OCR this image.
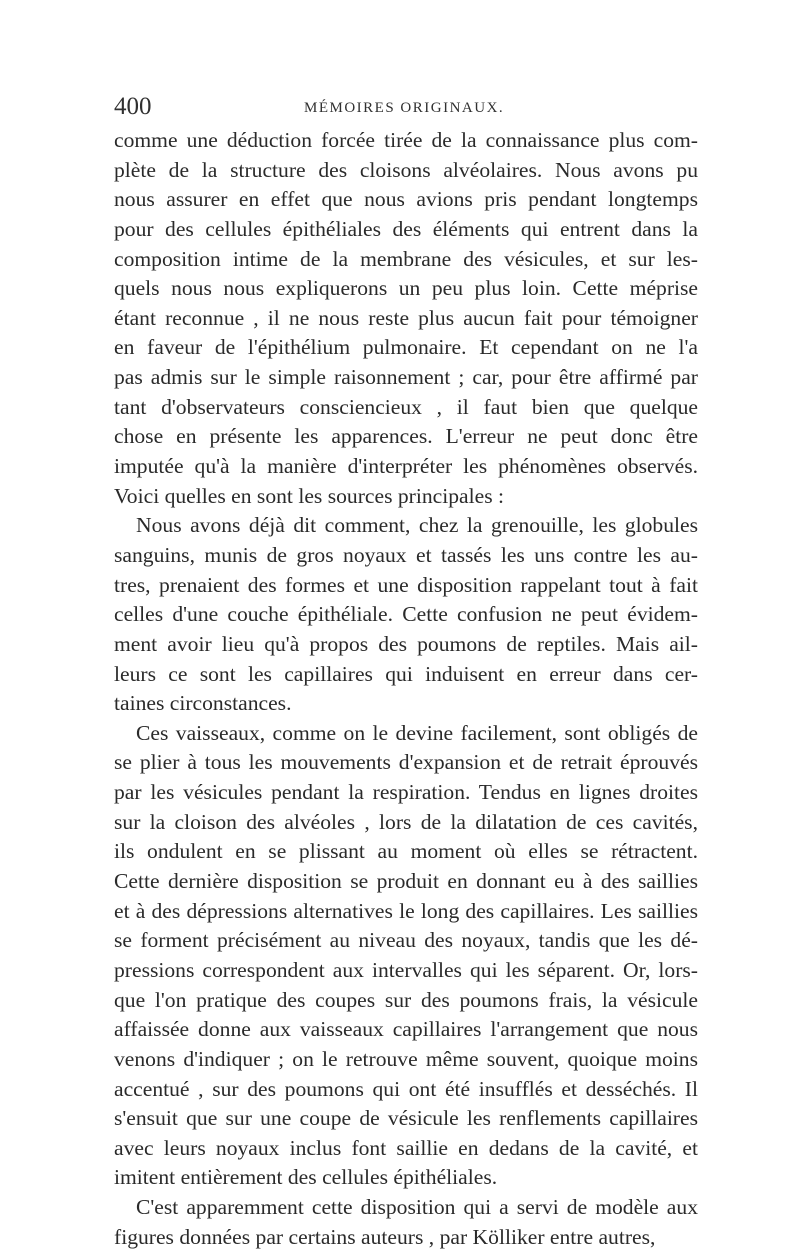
400	MÉMOIRES ORIGINAUX.
comme une déduction forcée tirée de la connaissance plus com-
plète de la structure des cloisons alvéolaires. Nous avons pu
nous assurer en effet que nous avions pris pendant longtemps
pour des cellules épithéliales des éléments qui entrent dans la
composition intime de la membrane des vésicules, et sur les-
quels nous nous expliquerons un peu plus loin. Cette méprise
étant reconnue , il ne nous reste plus aucun fait pour témoigner
en faveur de l'épithélium pulmonaire. Et cependant on ne l'a
pas admis sur le simple raisonnement ; car, pour être affirmé par
tant d'observateurs consciencieux , il faut bien que quelque
chose en présente les apparences. L'erreur ne peut donc être
imputée qu'à la manière d'interpréter les phénomènes observés.
Voici quelles en sont les sources principales :
Nous avons déjà dit comment, chez la grenouille, les globules
sanguins, munis de gros noyaux et tassés les uns contre les au-
tres, prenaient des formes et une disposition rappelant tout à fait
celles d'une couche épithéliale. Cette confusion ne peut évidem-
ment avoir lieu qu'à propos des poumons de reptiles. Mais ail-
leurs ce sont les capillaires qui induisent en erreur dans cer-
taines circonstances.
Ces vaisseaux, comme on le devine facilement, sont obligés de
se plier à tous les mouvements d'expansion et de retrait éprouvés
par les vésicules pendant la respiration. Tendus en lignes droites
sur la cloison des alvéoles , lors de la dilatation de ces cavités,
ils ondulent en se plissant au moment où elles se rétractent.
Cette dernière disposition se produit en donnant eu à des saillies
et à des dépressions alternatives le long des capillaires. Les saillies
se forment précisément au niveau des noyaux, tandis que les dé-
pressions correspondent aux intervalles qui les séparent. Or, lors-
que l'on pratique des coupes sur des poumons frais, la vésicule
affaissée donne aux vaisseaux capillaires l'arrangement que nous
venons d'indiquer ; on le retrouve même souvent, quoique moins
accentué , sur des poumons qui ont été insufflés et desséchés. Il
s'ensuit que sur une coupe de vésicule les renflements capillaires
avec leurs noyaux inclus font saillie en dedans de la cavité, et
imitent entièrement des cellules épithéliales.
C'est apparemment cette disposition qui a servi de modèle aux
figures données par certains auteurs , par Kölliker entre autres,
